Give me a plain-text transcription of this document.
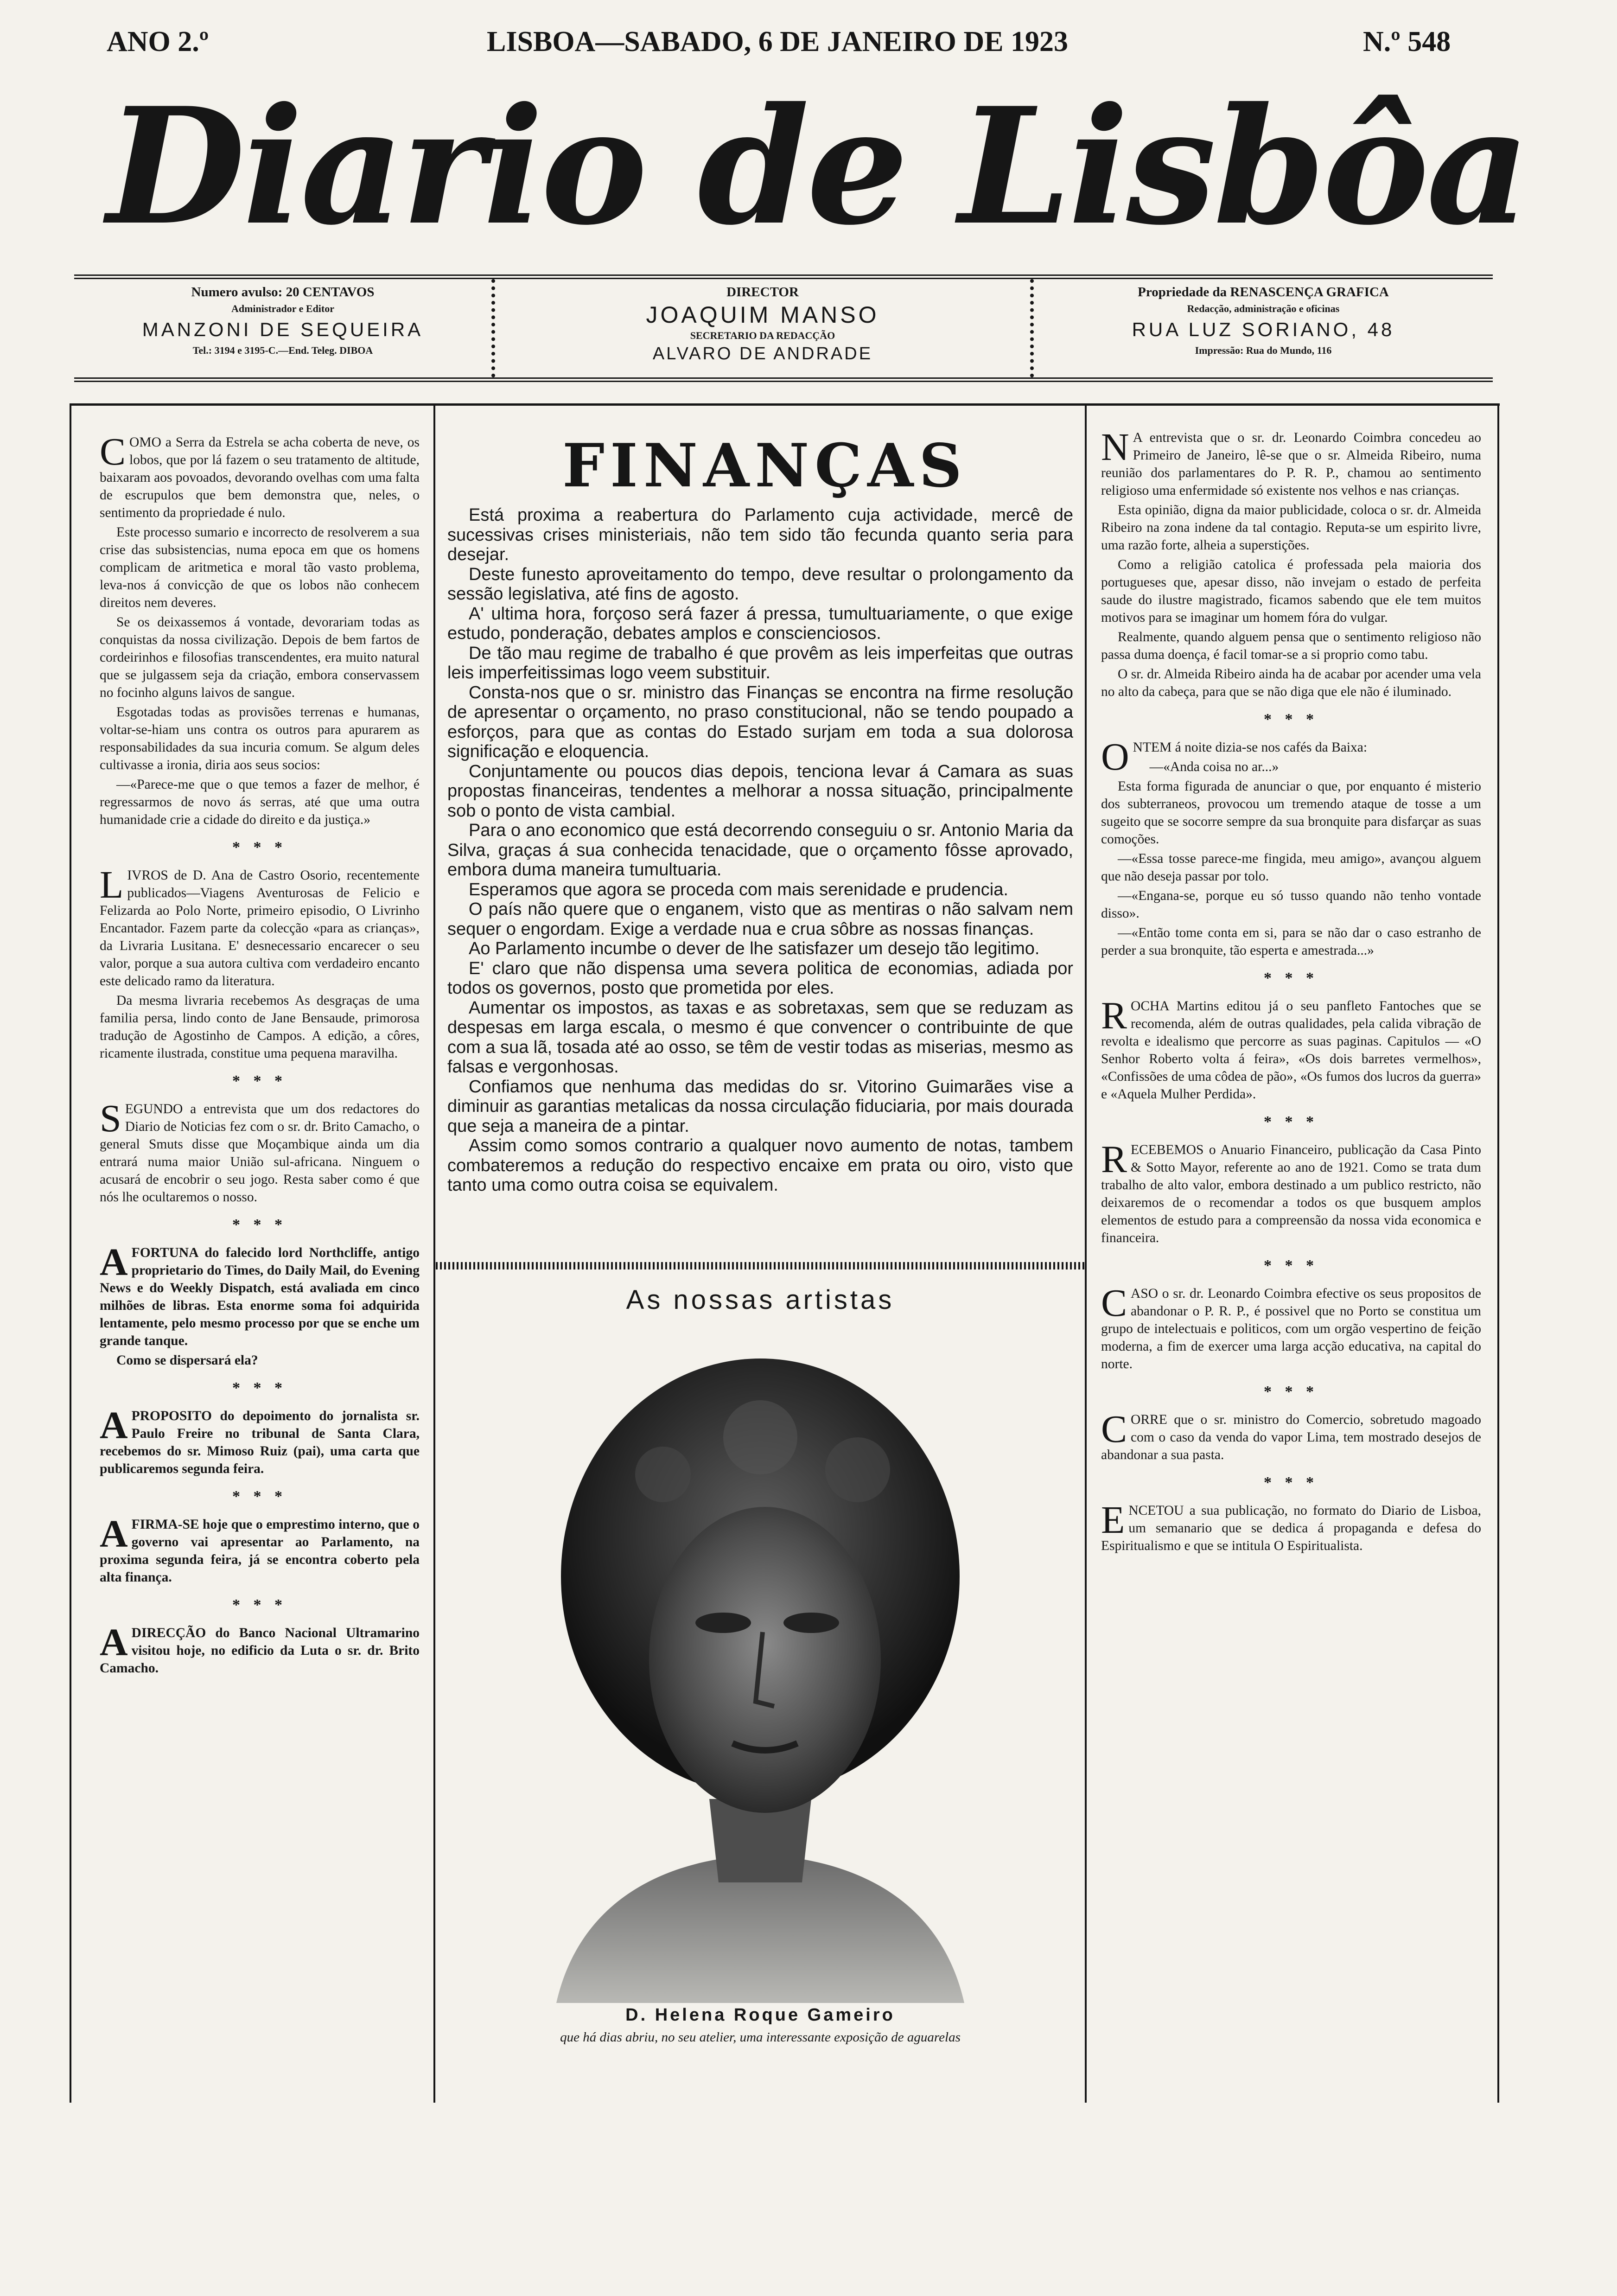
ANO 2.º	LISBOA—SABADO, 6 DE JANEIRO DE 1923	N.º 548
Diario de Lisbôa
Numero avulso: 20 CENTAVOS
Administrador e Editor
MANZONI DE SEQUEIRA
Tel.: 3194 e 3195-C.—End. Teleg. DIBOA
DIRECTOR
JOAQUIM MANSO
SECRETARIO DA REDACÇÃO
ALVARO DE ANDRADE
Propriedade da RENASCENÇA GRAFICA
Redacção, administração e oficinas
RUA LUZ SORIANO, 48
Impressão: Rua do Mundo, 116

COMO a Serra da Estrela se acha coberta de neve, os lobos, que por lá fazem o seu tratamento de altitude, baixaram aos povoados, devorando ovelhas com uma falta de escrupulos que bem demonstra que, neles, o sentimento da propriedade é nulo.

Este processo sumario e incorrecto de resolverem a sua crise das subsistencias, numa epoca em que os homens complicam de aritmetica e moral tão vasto problema, leva-nos á convicção de que os lobos não conhecem direitos nem deveres.

Se os deixassemos á vontade, devorariam todas as conquistas da nossa civilização. Depois de bem fartos de cordeirinhos e filosofias transcendentes, era muito natural que se julgassem seja da criação, embora conservassem no focinho alguns laivos de sangue.

Esgotadas todas as provisões terrenas e humanas, voltar-se-hiam uns contra os outros para apurarem as responsabilidades da sua incuria comum. Se algum deles cultivasse a ironia, diria aos seus socios:

—«Parece-me que o que temos a fazer de melhor, é regressarmos de novo ás serras, até que uma outra humanidade crie a cidade do direito e da justiça.»

* * *

LIVROS de D. Ana de Castro Osorio, recentemente publicados—Viagens Aventurosas de Felicio e Felizarda ao Polo Norte, primeiro episodio, O Livrinho Encantador. Fazem parte da colecção «para as crianças», da Livraria Lusitana. E' desnecessario encarecer o seu valor, porque a sua autora cultiva com verdadeiro encanto este delicado ramo da literatura.

Da mesma livraria recebemos As desgraças de uma familia persa, lindo conto de Jane Bensaude, primorosa tradução de Agostinho de Campos. A edição, a côres, ricamente ilustrada, constitue uma pequena maravilha.

* * *

SEGUNDO a entrevista que um dos redactores do Diario de Noticias fez com o sr. dr. Brito Camacho, o general Smuts disse que Moçambique ainda um dia entrará numa maior União sul-africana. Ninguem o acusará de encobrir o seu jogo. Resta saber como é que nós lhe ocultaremos o nosso.

* * *

AFORTUNA do falecido lord Northcliffe, antigo proprietario do Times, do Daily Mail, do Evening News e do Weekly Dispatch, está avaliada em cinco milhões de libras. Esta enorme soma foi adquirida lentamente, pelo mesmo processo por que se enche um grande tanque.

Como se dispersará ela?

* * *

APROPOSITO do depoimento do jornalista sr. Paulo Freire no tribunal de Santa Clara, recebemos do sr. Mimoso Ruiz (pai), uma carta que publicaremos segunda feira.

* * *

AFIRMA-SE hoje que o emprestimo interno, que o governo vai apresentar ao Parlamento, na proxima segunda feira, já se encontra coberto pela alta finança.

* * *

ADIRECÇÃO do Banco Nacional Ultramarino visitou hoje, no edificio da Luta o sr. dr. Brito Camacho.

FINANÇAS

Está proxima a reabertura do Parlamento cuja actividade, mercê de sucessivas crises ministeriais, não tem sido tão fecunda quanto seria para desejar.

Deste funesto aproveitamento do tempo, deve resultar o prolongamento da sessão legislativa, até fins de agosto.

A' ultima hora, forçoso será fazer á pressa, tumultuariamente, o que exige estudo, ponderação, debates amplos e conscienciosos.

De tão mau regime de trabalho é que provêm as leis imperfeitas que outras leis imperfeitissimas logo veem substituir.

Consta-nos que o sr. ministro das Finanças se encontra na firme resolução de apresentar o orçamento, no praso constitucional, não se tendo poupado a esforços, para que as contas do Estado surjam em toda a sua dolorosa significação e eloquencia.

Conjuntamente ou poucos dias depois, tenciona levar á Camara as suas propostas financeiras, tendentes a melhorar a nossa situação, principalmente sob o ponto de vista cambial.

Para o ano economico que está decorrendo conseguiu o sr. Antonio Maria da Silva, graças á sua conhecida tenacidade, que o orçamento fôsse aprovado, embora duma maneira tumultuaria.

Esperamos que agora se proceda com mais serenidade e prudencia.

O país não quere que o enganem, visto que as mentiras o não salvam nem sequer o engordam. Exige a verdade nua e crua sôbre as nossas finanças.

Ao Parlamento incumbe o dever de lhe satisfazer um desejo tão legitimo.

E' claro que não dispensa uma severa politica de economias, adiada por todos os governos, posto que prometida por eles.

Aumentar os impostos, as taxas e as sobretaxas, sem que se reduzam as despesas em larga escala, o mesmo é que convencer o contribuinte de que com a sua lã, tosada até ao osso, se têm de vestir todas as miserias, mesmo as falsas e vergonhosas.

Confiamos que nenhuma das medidas do sr. Vitorino Guimarães vise a diminuir as garantias metalicas da nossa circulação fiduciaria, por mais dourada que seja a maneira de a pintar.

Assim como somos contrario a qualquer novo aumento de notas, tambem combateremos a redução do respectivo encaixe em prata ou oiro, visto que tanto uma como outra coisa se equivalem.

As nossas artistas
D. Helena Roque Gameiro
que há dias abriu, no seu atelier, uma interessante exposição de aguarelas

N A entrevista que o sr. dr. Leonardo Coimbra concedeu ao Primeiro de Janeiro, lê-se que o sr. Almeida Ribeiro, numa reunião dos parlamentares do P. R. P., chamou ao sentimento religioso uma enfermidade só existente nos velhos e nas crianças.

Esta opinião, digna da maior publicidade, coloca o sr. dr. Almeida Ribeiro na zona indene da tal contagio. Reputa-se um espirito livre, uma razão forte, alheia a superstições.

Como a religião catolica é professada pela maioria dos portugueses que, apesar disso, não invejam o estado de perfeita saude do ilustre magistrado, ficamos sabendo que ele tem muitos motivos para se imaginar um homem fóra do vulgar.

Realmente, quando alguem pensa que o sentimento religioso não passa duma doença, é facil tomar-se a si proprio como tabu.

O sr. dr. Almeida Ribeiro ainda ha de acabar por acender uma vela no alto da cabeça, para que se não diga que ele não é iluminado.

* * *

ONTEM á noite dizia-se nos cafés da Baixa:

—«Anda coisa no ar...»

Esta forma figurada de anunciar o que, por enquanto é misterio dos subterraneos, provocou um tremendo ataque de tosse a um sugeito que se socorre sempre da sua bronquite para disfarçar as suas comoções.

—«Essa tosse parece-me fingida, meu amigo», avançou alguem que não deseja passar por tolo.

—«Engana-se, porque eu só tusso quando não tenho vontade disso».

—«Então tome conta em si, para se não dar o caso estranho de perder a sua bronquite, tão esperta e amestrada...»

* * *

ROCHA Martins editou já o seu panfleto Fantoches que se recomenda, além de outras qualidades, pela calida vibração de revolta e idealismo que percorre as suas paginas. Capitulos — «O Senhor Roberto volta á feira», «Os dois barretes vermelhos», «Confissões de uma côdea de pão», «Os fumos dos lucros da guerra» e «Aquela Mulher Perdida».

* * *

RECEBEMOS o Anuario Financeiro, publicação da Casa Pinto & Sotto Mayor, referente ao ano de 1921. Como se trata dum trabalho de alto valor, embora destinado a um publico restricto, não deixaremos de o recomendar a todos os que busquem amplos elementos de estudo para a compreensão da nossa vida economica e financeira.

* * *

CASO o sr. dr. Leonardo Coimbra efective os seus propositos de abandonar o P. R. P., é possivel que no Porto se constitua um grupo de intelectuais e politicos, com um orgão vespertino de feição moderna, a fim de exercer uma larga acção educativa, na capital do norte.

* * *

CORRE que o sr. ministro do Comercio, sobretudo magoado com o caso da venda do vapor Lima, tem mostrado desejos de abandonar a sua pasta.

* * *

ENCETOU a sua publicação, no formato do Diario de Lisboa, um semanario que se dedica á propaganda e defesa do Espiritualismo e que se intitula O Espiritualista.
